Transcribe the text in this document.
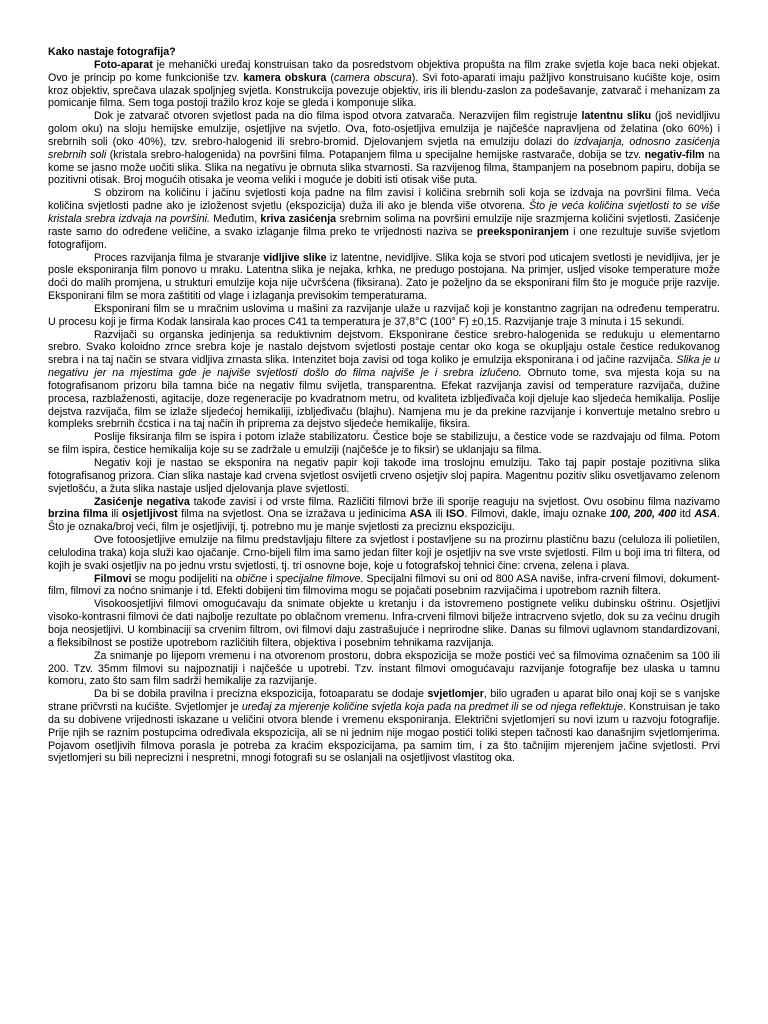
Kako nastaje fotografija?

Foto-aparat je mehanički uređaj konstruisan tako da posredstvom objektiva propušta na film zrake svjetla koje baca neki objekat. Ovo je princip po kome funkcioniše tzv. kamera obskura (camera obscura). Svi foto-aparati imaju pažljivo konstruisano kućište koje, osim kroz objektiv, sprečava ulazak spoljnjeg svjetla. Konstrukcija povezuje objektiv, iris ili blendu-zaslon za podešavanje, zatvarač i mehanizam za pomicanje filma. Sem toga postoji tražilo kroz koje se gleda i komponuje slika.

Dok je zatvarač otvoren svjetlost pada na dio filma ispod otvora zatvarača. Nerazvijen film registruje latentnu sliku (još nevidljivu golom oku) na sloju hemijske emulzije, osjetljive na svjetlo. Ova, foto-osjetljiva emulzija je najčešće napravljena od želatina (oko 60%) i srebrnih soli (oko 40%), tzv. srebro-halogenid ili srebro-bromid. Djelovanjem svjetla na emulziju dolazi do izdvajanja, odnosno zasićenja srebrnih soli (kristala srebro-halogenida) na površini filma. Potapanjem filma u specijalne hemijske rastvarače, dobija se tzv. negativ-film na kome se jasno može uočiti slika. Slika na negativu je obrnuta slika stvarnosti. Sa razvijenog filma, štampanjem na posebnom papiru, dobija se pozitivni otisak. Broj mogućih otisaka je veoma veliki i moguće je dobiti isti otisak više puta.

S obzirom na količinu i jačinu svjetlosti koja padne na film zavisi i količina srebrnih soli koja se izdvaja na površini filma. Veća količina svjetlosti padne ako je izloženost svjetlu (ekspozicija) duža ili ako je blenda više otvorena. Što je veća količina svjetlosti to se više kristala srebra izdvaja na površini. Međutim, kriva zasićenja srebrnim solima na površini emulzije nije srazmjerna količini svjetlosti. Zasićenje raste samo do određene veličine, a svako izlaganje filma preko te vrijednosti naziva se preeksponiranjem i one rezultuje suviše svjetlom fotografijom.

Proces razvijanja filma je stvaranje vidljive slike iz latentne, nevidljive. Slika koja se stvori pod uticajem svetlosti je nevidljiva, jer je posle eksponiranja film ponovo u mraku. Latentna slika je nejaka, krhka, ne predugo postojana. Na primjer, usljed visoke temperature može doći do malih promjena, u strukturi emulzije koja nije učvršćena (fiksirana). Zato je poželjno da se eksponirani film što je moguće prije razvije. Eksponirani film se mora zaštititi od vlage i izlaganja previsokim temperaturama.

Eksponirani film se u mračnim uslovima u mašini za razvijanje ulaže u razvijač koji je konstantno zagrijan na određenu temperatru. U procesu koji je firma Kodak lansirala kao proces C41 ta temperatura je 37,8°C (100° F) ±0,15. Razvijanje traje 3 minuta i 15 sekundi.

Razvijači su organska jedinjenja sa reduktivnim dejstvom. Eksponirane čestice srebro-halogenida se redukuju u elementarno srebro. Svako koloidno zrnce srebra koje je nastalo dejstvom svjetlosti postaje centar oko koga se okupljaju ostale čestice redukovanog srebra i na taj način se stvara vidljiva zrnasta slika. Intenzitet boja zavisi od toga koliko je emulzija eksponirana i od jačine razvijača. Slika je u negativu jer na mjestima gde je najviše svjetlosti došlo do filma najviše je i srebra izlučeno. Obrnuto tome, sva mjesta koja su na fotografisanom prizoru bila tamna biće na negativ filmu svijetla, transparentna. Efekat razvijanja zavisi od temperature razvijača, dužine procesa, razblaženosti, agitacije, doze regeneracije po kvadratnom metru, od kvaliteta izbljeđivača koji djeluje kao sljedeća hemikalija. Poslije dejstva razvijača, film se izlaže sljedećoj hemikaliji, izbljeđivaču (blajhu). Namjena mu je da prekine razvijanje i konvertuje metalno srebro u kompleks srebrnih čcstica i na taj način ih priprema za dejstvo sljedeće hemikalije, fiksira.

Poslije fiksiranja film se ispira i potom izlaže stabilizatoru. Čestice boje se stabilizuju, a čestice vode se razdvajaju od filma. Potom se film ispira, čestice hemikalija koje su se zadržale u emulziji (najčešće je to fiksir) se uklanjaju sa filma.

Negativ koji je nastao se eksponira na negativ papir koji takođe ima troslojnu emulziju. Tako taj papir postaje pozitivna slika fotografisanog prizora. Cian slika nastaje kad crvena svjetlost osvijetli crveno osjetjiv sloj papira. Magentnu pozitiv sliku osvetljavamo zelenom svjetlošću, a žuta slika nastaje usljed djelovanja plave svjetlosti.

Zasićenje negativa takođe zavisi i od vrste filma. Različiti filmovi brže ili sporije reaguju na svjetlost. Ovu osobinu filma nazivamo brzina filma ili osjetljivost filma na svjetlost. Ona se izražava u jedinicima ASA ili ISO. Filmovi, dakle, imaju oznake 100, 200, 400 itd ASA. Što je oznaka/broj veći, film je osjetljiviji, tj. potrebno mu je manje svjetlosti za preciznu ekspoziciju.

Ove fotoosjetljive emulzije na filmu predstavljaju filtere za svjetlost i postavljene su na prozirnu plastičnu bazu (celuloza ili polietilen, celulodina traka) koja služi kao ojačanje. Crno-bijeli film ima samo jedan filter koji je osjetljiv na sve vrste svjetlosti. Film u boji ima tri filtera, od kojih je svaki osjetljiv na po jednu vrstu svjetlosti, tj. tri osnovne boje, koje u fotografskoj tehnici čine: crvena, zelena i plava.

Filmovi se mogu podijeliti na obične i specijalne filmove. Specijalni filmovi su oni od 800 ASA naviše, infra-crveni filmovi, dokument-film, filmovi za noćno snimanje i td. Efekti dobijeni tim filmovima mogu se pojačati posebnim razvijačima i upotrebom raznih filtera.

Visokoosjetljivi filmovi omogućavaju da snimate objekte u kretanju i da istovremeno postignete veliku dubinsku oštrinu. Osjetljivi visoko-kontrasni filmovi će dati najbolje rezultate po oblačnom vremenu. Infra-crveni filmovi bilježe intracrveno svjetlo, dok su za većinu drugih boja neosjetljivi. U kombinaciji sa crvenim filtrom, ovi filmovi daju zastrašujuće i neprirodne slike. Danas su filmovi uglavnom standardizovani, a fleksibilnost se postiže upotrebom različitih filtera, objektiva i posebnim tehnikama razvijanja.

Za snimanje po lijepom vremenu i na otvorenom prostoru, dobra ekspozicija se može postići već sa filmovima označenim sa 100 ili 200. Tzv. 35mm filmovi su najpoznatiji i najčešće u upotrebi. Tzv. instant filmovi omogućavaju razvijanje fotografije bez ulaska u tamnu komoru, zato što sam film sadrži hemikalije za razvijanje.

Da bi se dobila pravilna i precizna ekspozicija, fotoaparatu se dodaje svjetlomjer, bilo ugrađen u aparat bilo onaj koji se s vanjske strane pričvrsti na kućište. Svjetlomjer je uređaj za mjerenje količine svjetla koja pada na predmet ili se od njega reflektuje. Konstruisan je tako da su dobivene vrijednosti iskazane u veličini otvora blende i vremenu eksponiranja. Električni svjetlomjeri su novi izum u razvoju fotografije. Prije njih se raznim postupcima određivala ekspozicija, ali se ni jednim nije mogao postići toliki stepen tačnosti kao današnjim svjetlomjerima. Pojavom osetljivih filmova porasla je potreba za kraćim ekspozicijama, pa samim tim, i za što tačnijim mjerenjem jačine svjetlosti. Prvi svjetlomjeri su bili neprecizni i nespretni, mnogi fotografi su se oslanjali na osjetljivost vlastitog oka.
